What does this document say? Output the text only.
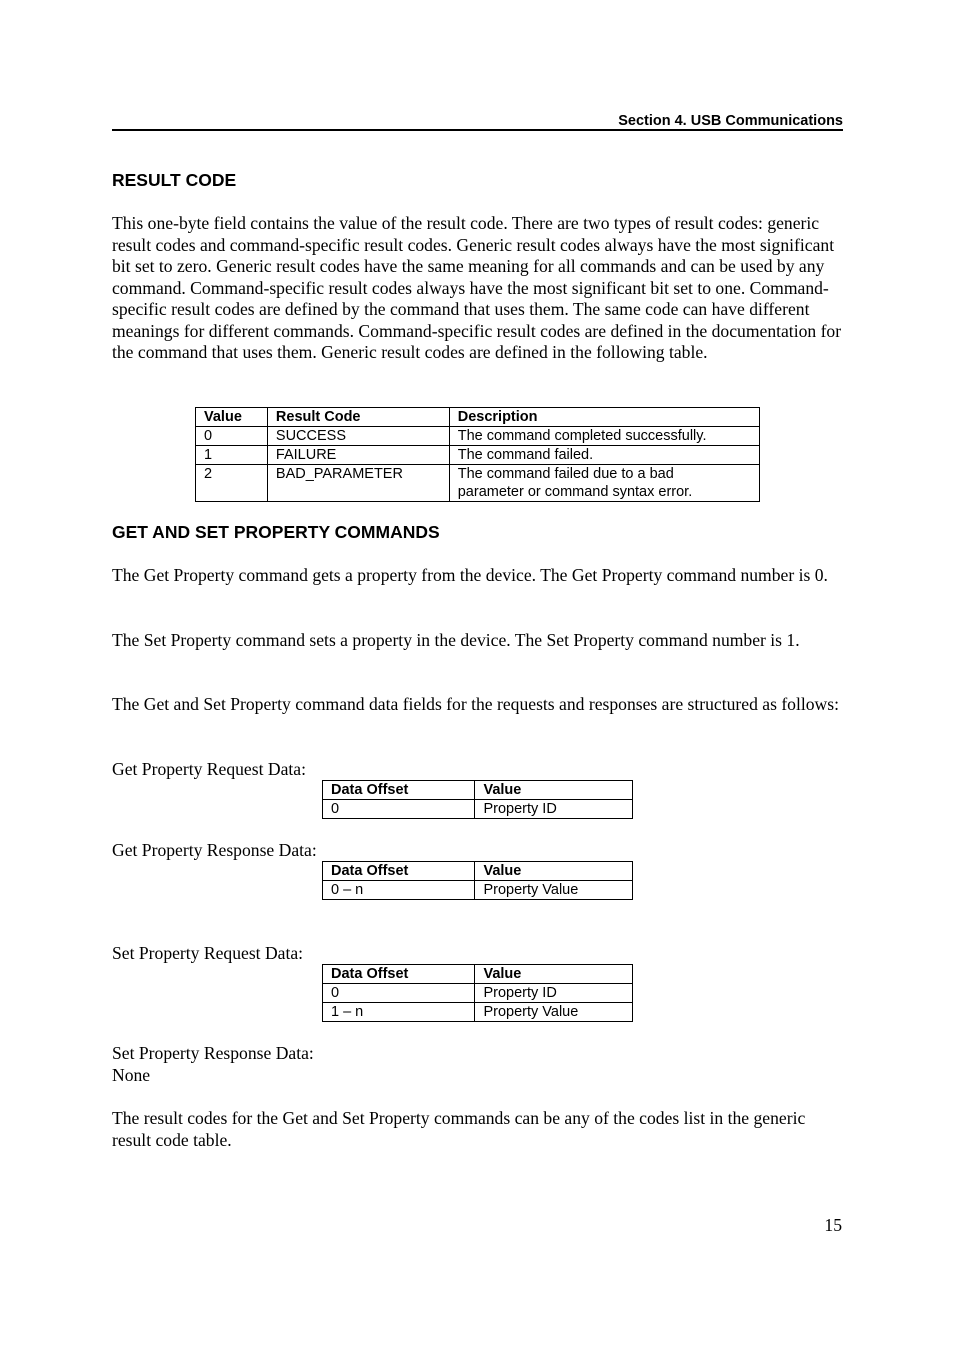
Section 4. USB Communications
RESULT CODE

This one-byte field contains the value of the result code. There are two types of result codes: generic result codes and command-specific result codes. Generic result codes always have the most significant bit set to zero. Generic result codes have the same meaning for all commands and can be used by any command. Command-specific result codes always have the most significant bit set to one. Command-specific result codes are defined by the command that uses them. The same code can have different meanings for different commands. Command-specific result codes are defined in the documentation for the command that uses them. Generic result codes are defined in the following table.

Value	Result Code	Description
0	SUCCESS	The command completed successfully.
1	FAILURE	The command failed.
2	BAD_PARAMETER	The command failed due to a bad parameter or command syntax error.
GET AND SET PROPERTY COMMANDS

The Get Property command gets a property from the device. The Get Property command number is 0.

The Set Property command sets a property in the device. The Set Property command number is 1.

The Get and Set Property command data fields for the requests and responses are structured as follows:

Get Property Request Data:

Data Offset	Value
0	Property ID

Get Property Response Data:

Data Offset	Value
0 – n	Property Value

Set Property Request Data:

Data Offset	Value
0	Property ID
1 – n	Property Value

Set Property Response Data:

None

The result codes for the Get and Set Property commands can be any of the codes list in the generic result code table.

15
